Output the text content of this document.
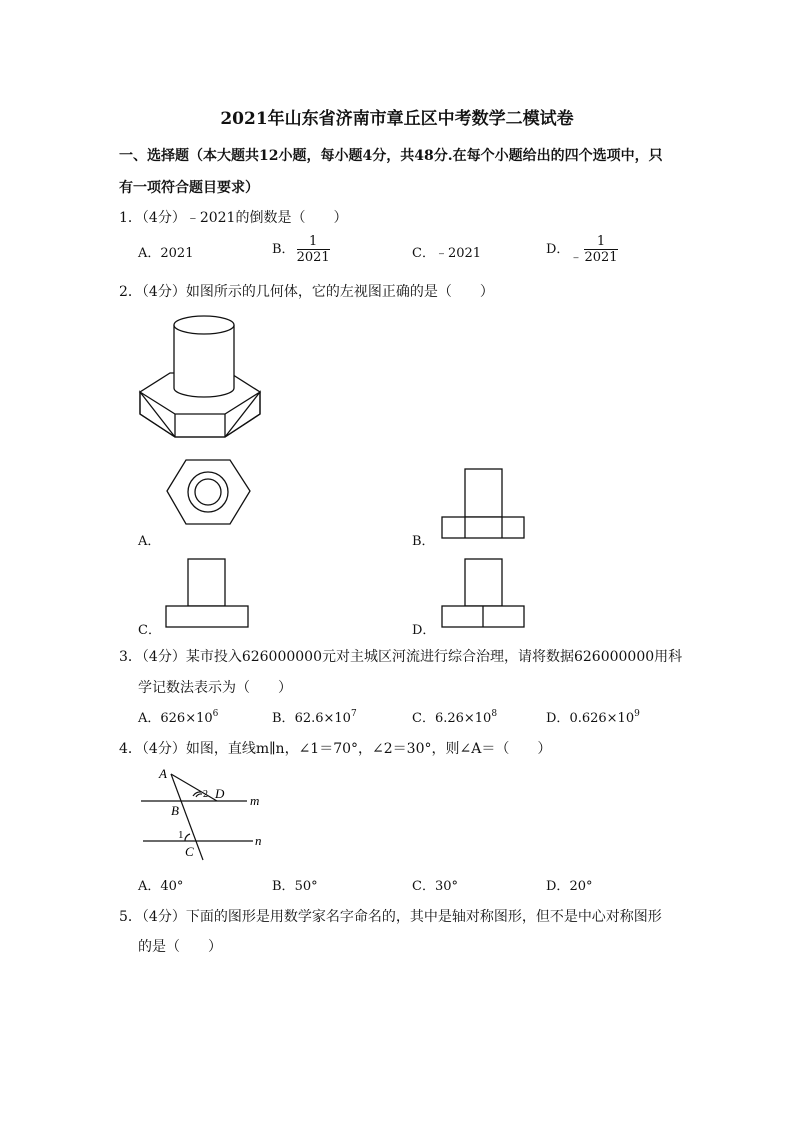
2021年山东省济南市章丘区中考数学二模试卷
一、选择题（本大题共12小题，每小题4分，共48分.在每个小题给出的四个选项中，只
有一项符合题目要求）
1．（4分）﹣2021的倒数是（　　）
A．2021	B． $\frac{1}{2021}$	C．﹣2021	D．﹣ $\frac{1}{2021}$
2．（4分）如图所示的几何体，它的左视图正确的是（　　）
A．	B．
C．	D．
3．（4分）某市投入626000000元对主城区河流进行综合治理，请将数据626000000用科
学记数法表示为（　　）
A．$626\times 10^6$	B．$62.6\times 10^7$	C．$6.26\times 10^8$	D．$0.626\times 10^9$
4．（4分）如图，直线m∥n，∠1＝70°，∠2＝30°，则∠A＝（　　）
A
B
C
D m
n
1
2
A．40°	B．50°	C．30°	D．20°
5．（4分）下面的图形是用数学家名字命名的，其中是轴对称图形，但不是中心对称图形
的是（　　）
